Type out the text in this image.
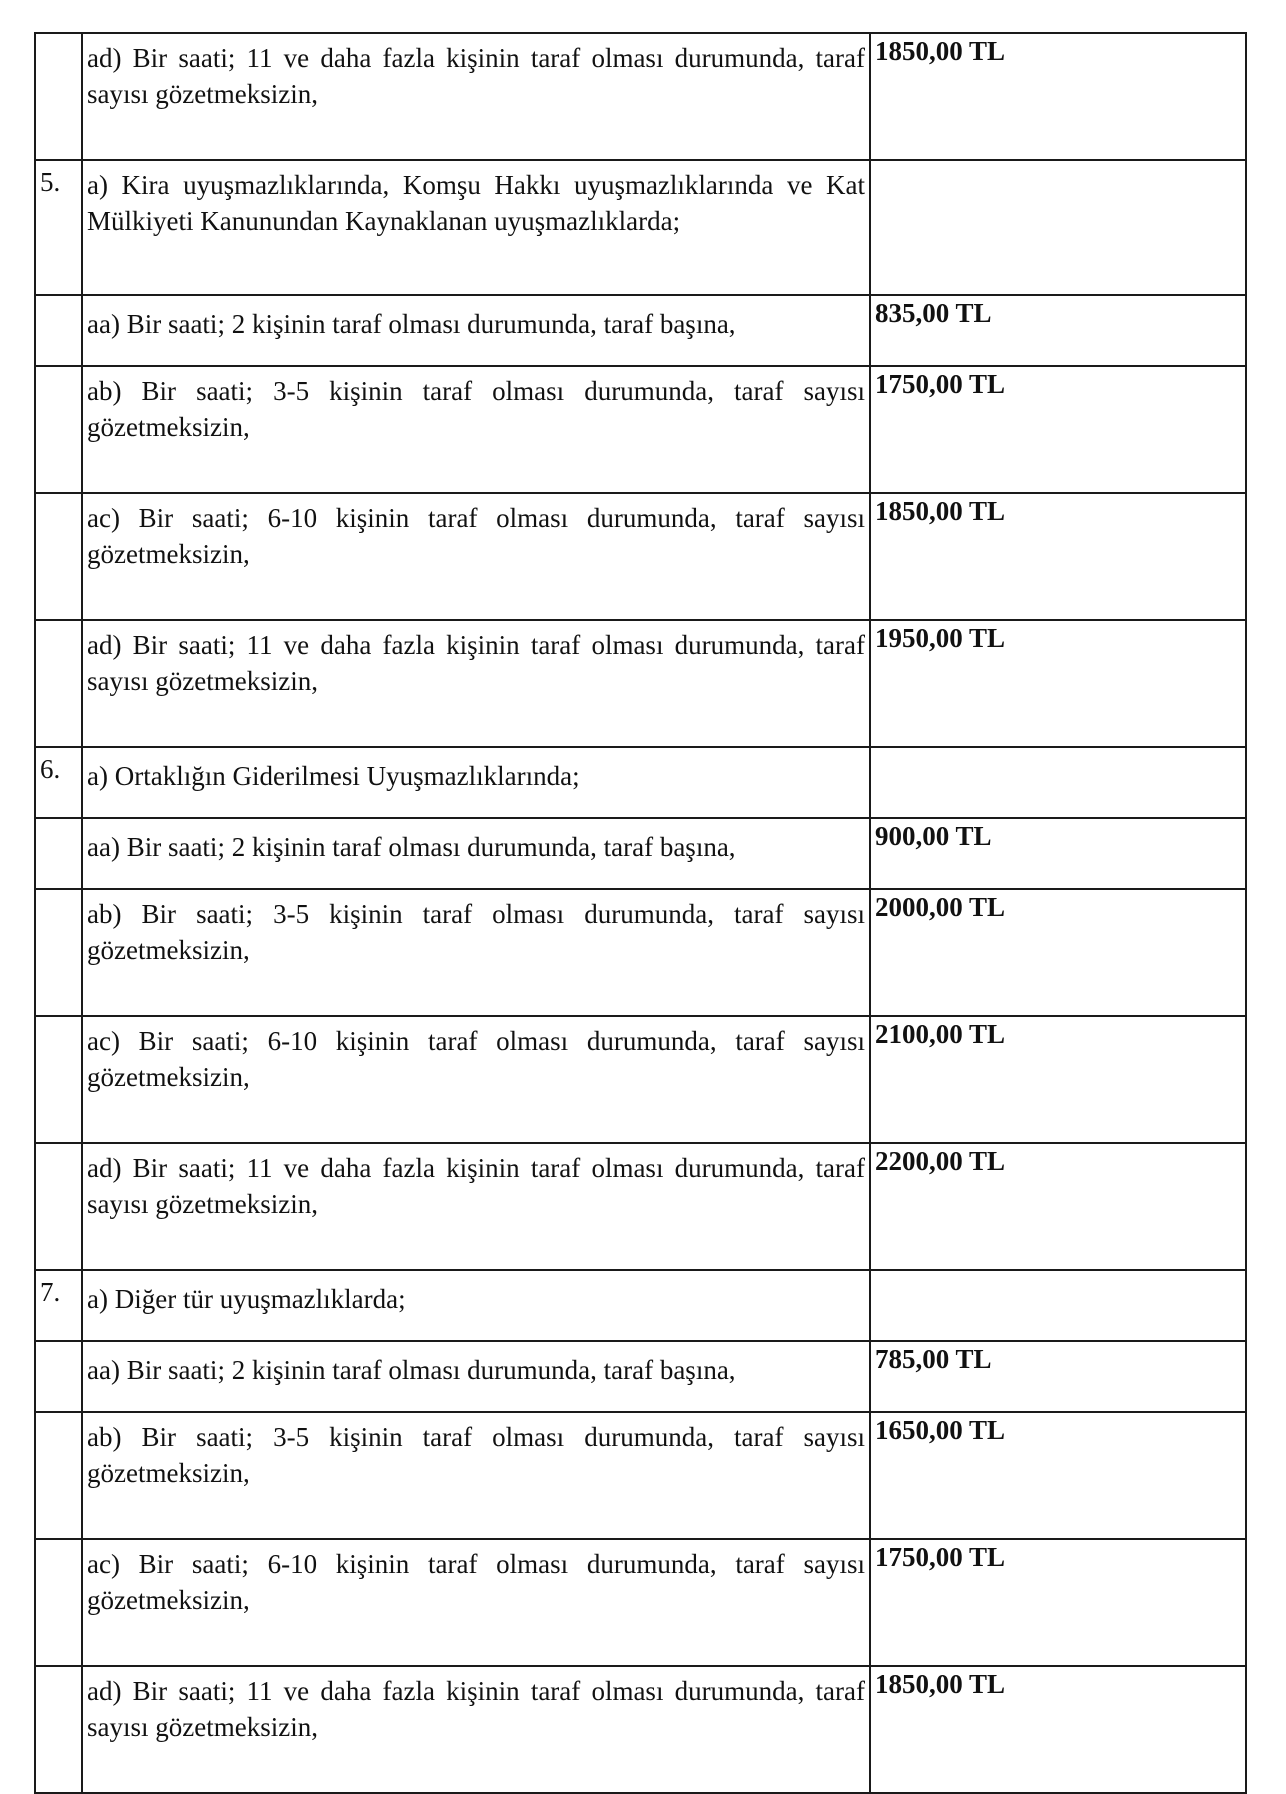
	ad) Bir saati; 11 ve daha fazla kişinin taraf olması durumunda, taraf sayısı gözetmeksizin,	1850,00 TL
5.	a) Kira uyuşmazlıklarında, Komşu Hakkı uyuşmazlıklarında ve Kat Mülkiyeti Kanunundan Kaynaklanan uyuşmazlıklarda;	
	aa) Bir saati; 2 kişinin taraf olması durumunda, taraf başına,	835,00 TL
	ab) Bir saati; 3-5 kişinin taraf olması durumunda, taraf sayısı gözetmeksizin,	1750,00 TL
	ac) Bir saati; 6-10 kişinin taraf olması durumunda, taraf sayısı gözetmeksizin,	1850,00 TL
	ad) Bir saati; 11 ve daha fazla kişinin taraf olması durumunda, taraf sayısı gözetmeksizin,	1950,00 TL
6.	a) Ortaklığın Giderilmesi Uyuşmazlıklarında;	
	aa) Bir saati; 2 kişinin taraf olması durumunda, taraf başına,	900,00 TL
	ab) Bir saati; 3-5 kişinin taraf olması durumunda, taraf sayısı gözetmeksizin,	2000,00 TL
	ac) Bir saati; 6-10 kişinin taraf olması durumunda, taraf sayısı gözetmeksizin,	2100,00 TL
	ad) Bir saati; 11 ve daha fazla kişinin taraf olması durumunda, taraf sayısı gözetmeksizin,	2200,00 TL
7.	a) Diğer tür uyuşmazlıklarda;	
	aa) Bir saati; 2 kişinin taraf olması durumunda, taraf başına,	785,00 TL
	ab) Bir saati; 3-5 kişinin taraf olması durumunda, taraf sayısı gözetmeksizin,	1650,00 TL
	ac) Bir saati; 6-10 kişinin taraf olması durumunda, taraf sayısı gözetmeksizin,	1750,00 TL
	ad) Bir saati; 11 ve daha fazla kişinin taraf olması durumunda, taraf sayısı gözetmeksizin,	1850,00 TL
